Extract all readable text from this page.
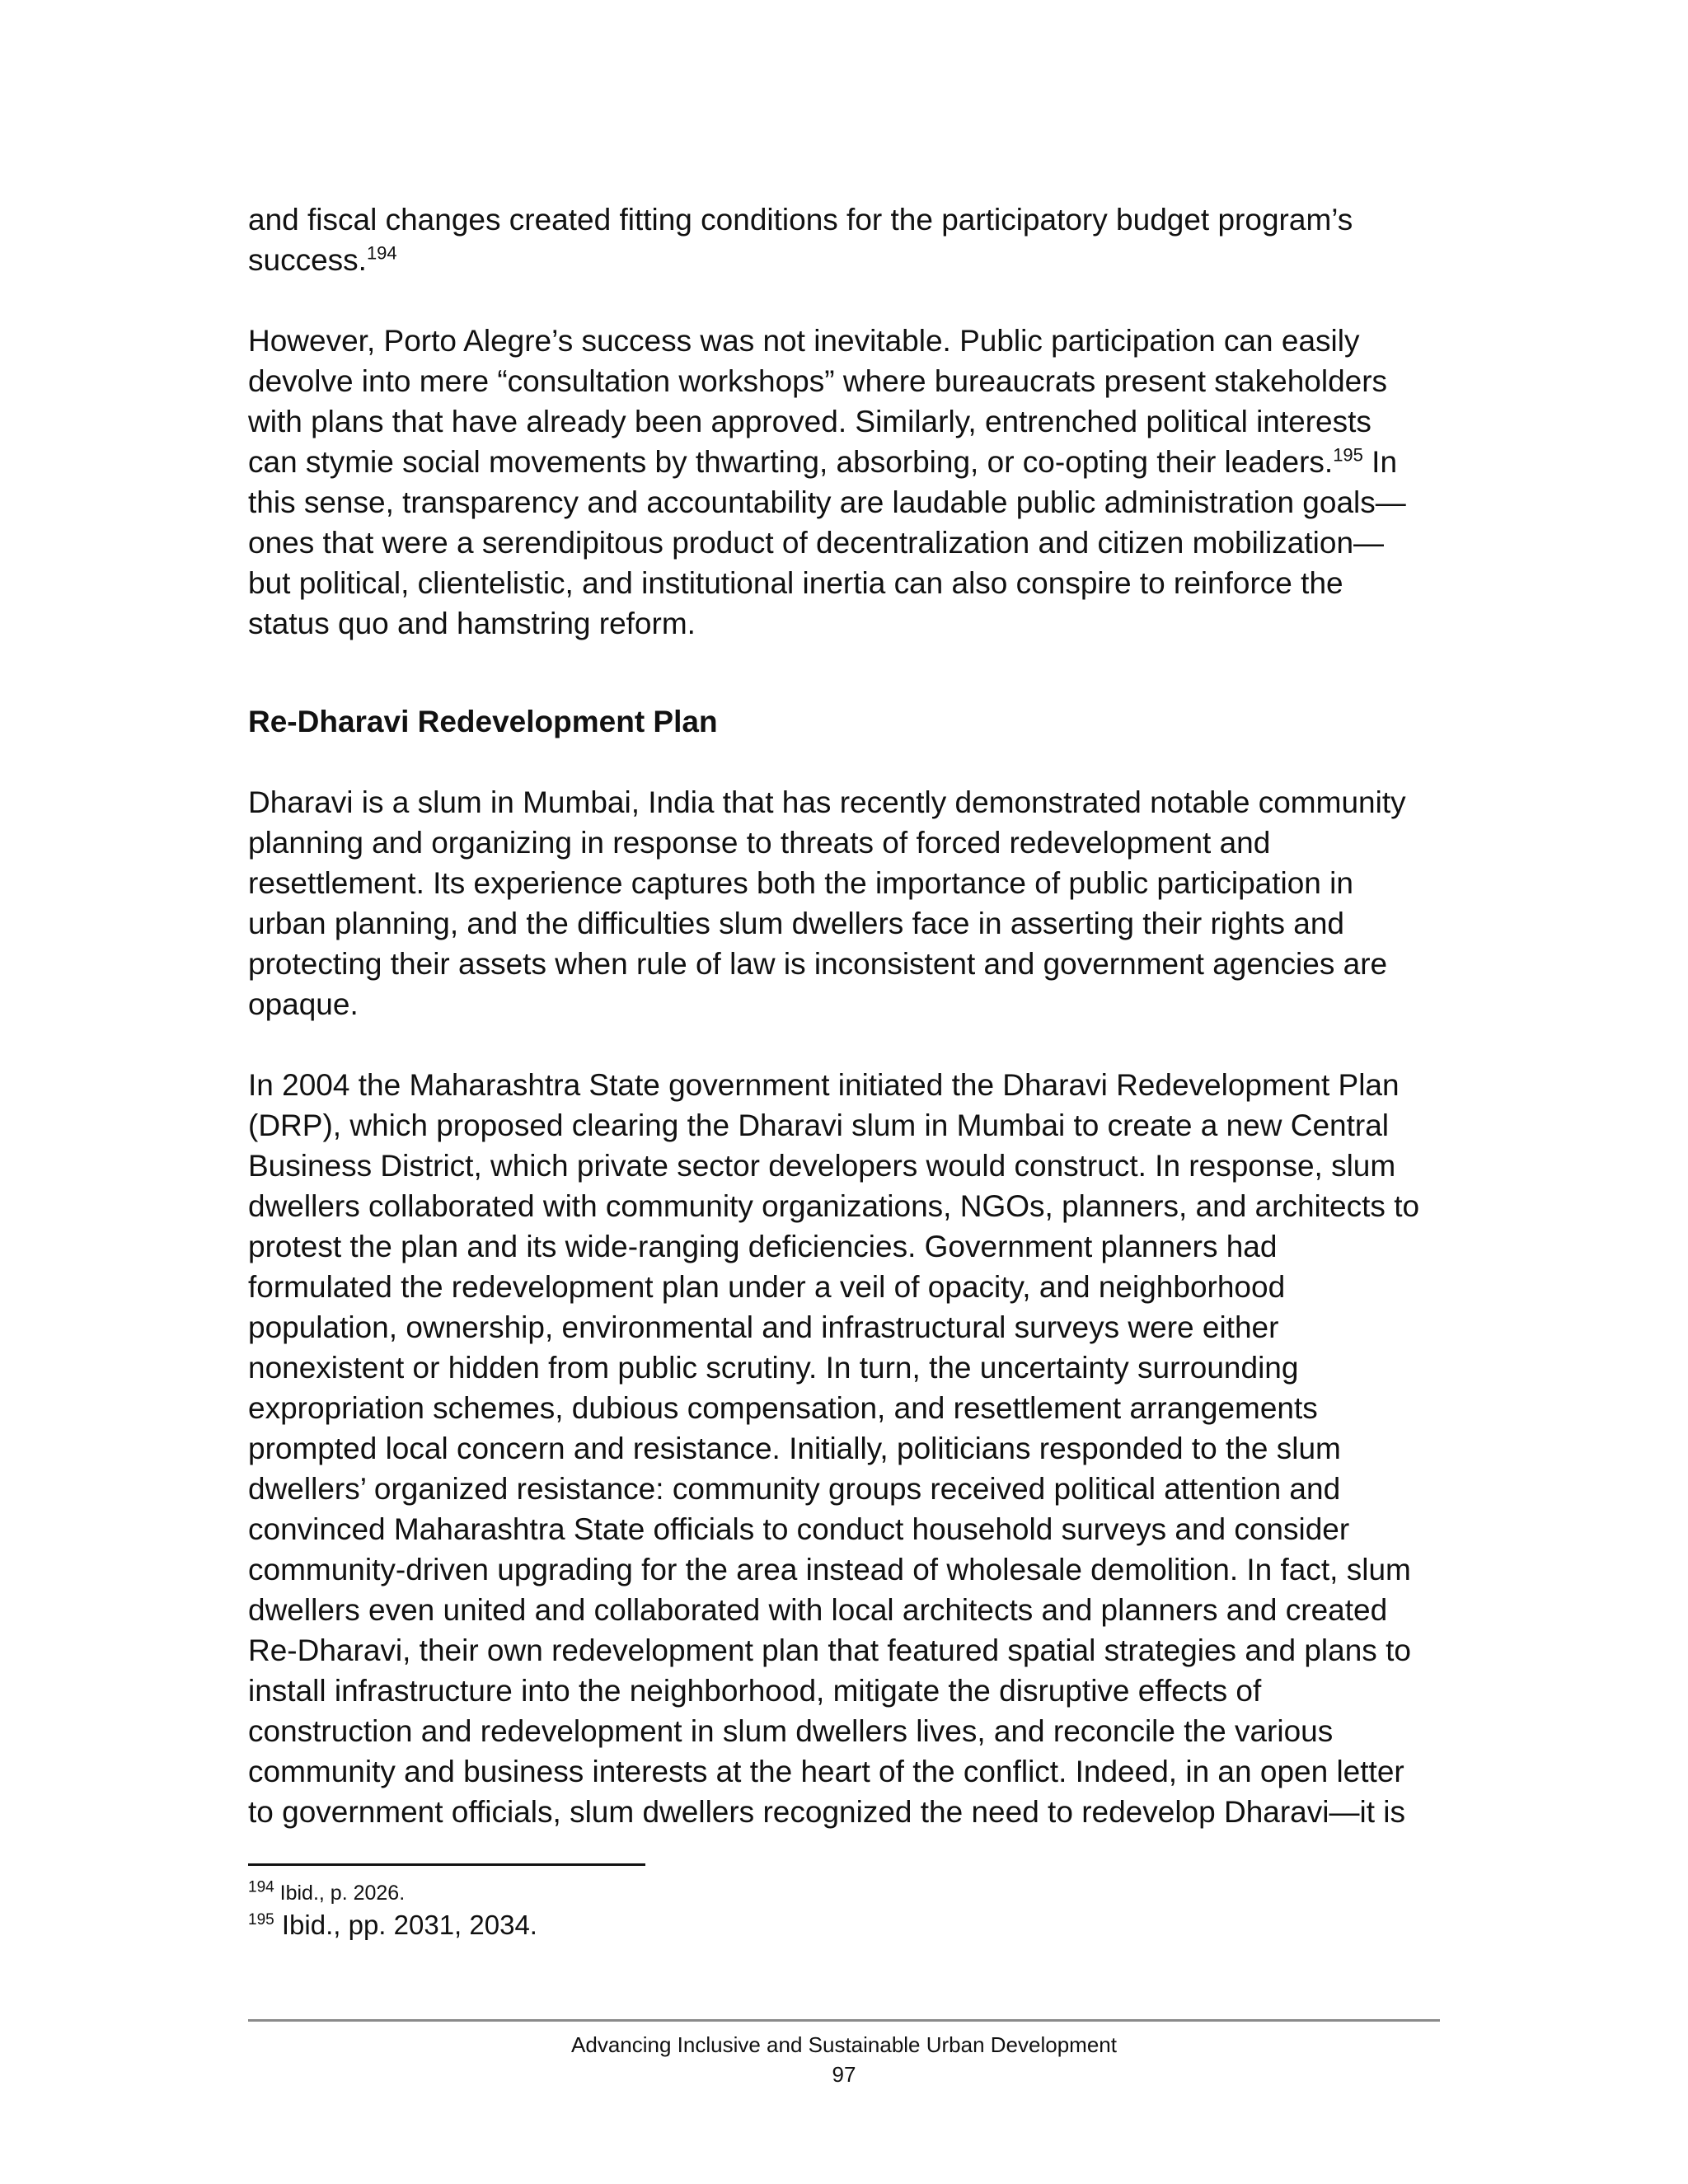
and fiscal changes created fitting conditions for the participatory budget program’s
success.$^{194}$

However, Porto Alegre’s success was not inevitable. Public participation can easily
devolve into mere “consultation workshops” where bureaucrats present stakeholders
with plans that have already been approved. Similarly, entrenched political interests
can stymie social movements by thwarting, absorbing, or co-opting their leaders.$^{195}$ In
this sense, transparency and accountability are laudable public administration goals—
ones that were a serendipitous product of decentralization and citizen mobilization—
but political, clientelistic, and institutional inertia can also conspire to reinforce the
status quo and hamstring reform.

Re-Dharavi Redevelopment Plan

Dharavi is a slum in Mumbai, India that has recently demonstrated notable community
planning and organizing in response to threats of forced redevelopment and
resettlement. Its experience captures both the importance of public participation in
urban planning, and the difficulties slum dwellers face in asserting their rights and
protecting their assets when rule of law is inconsistent and government agencies are
opaque.

In 2004 the Maharashtra State government initiated the Dharavi Redevelopment Plan
(DRP), which proposed clearing the Dharavi slum in Mumbai to create a new Central
Business District, which private sector developers would construct. In response, slum
dwellers collaborated with community organizations, NGOs, planners, and architects to
protest the plan and its wide-ranging deficiencies. Government planners had
formulated the redevelopment plan under a veil of opacity, and neighborhood
population, ownership, environmental and infrastructural surveys were either
nonexistent or hidden from public scrutiny. In turn, the uncertainty surrounding
expropriation schemes, dubious compensation, and resettlement arrangements
prompted local concern and resistance. Initially, politicians responded to the slum
dwellers’ organized resistance: community groups received political attention and
convinced Maharashtra State officials to conduct household surveys and consider
community-driven upgrading for the area instead of wholesale demolition. In fact, slum
dwellers even united and collaborated with local architects and planners and created
Re-Dharavi, their own redevelopment plan that featured spatial strategies and plans to
install infrastructure into the neighborhood, mitigate the disruptive effects of
construction and redevelopment in slum dwellers lives, and reconcile the various
community and business interests at the heart of the conflict. Indeed, in an open letter
to government officials, slum dwellers recognized the need to redevelop Dharavi—it is

$^{194}$ Ibid., p. 2026.

$^{195}$ Ibid., pp. 2031, 2034.

Advancing Inclusive and Sustainable Urban Development
97
